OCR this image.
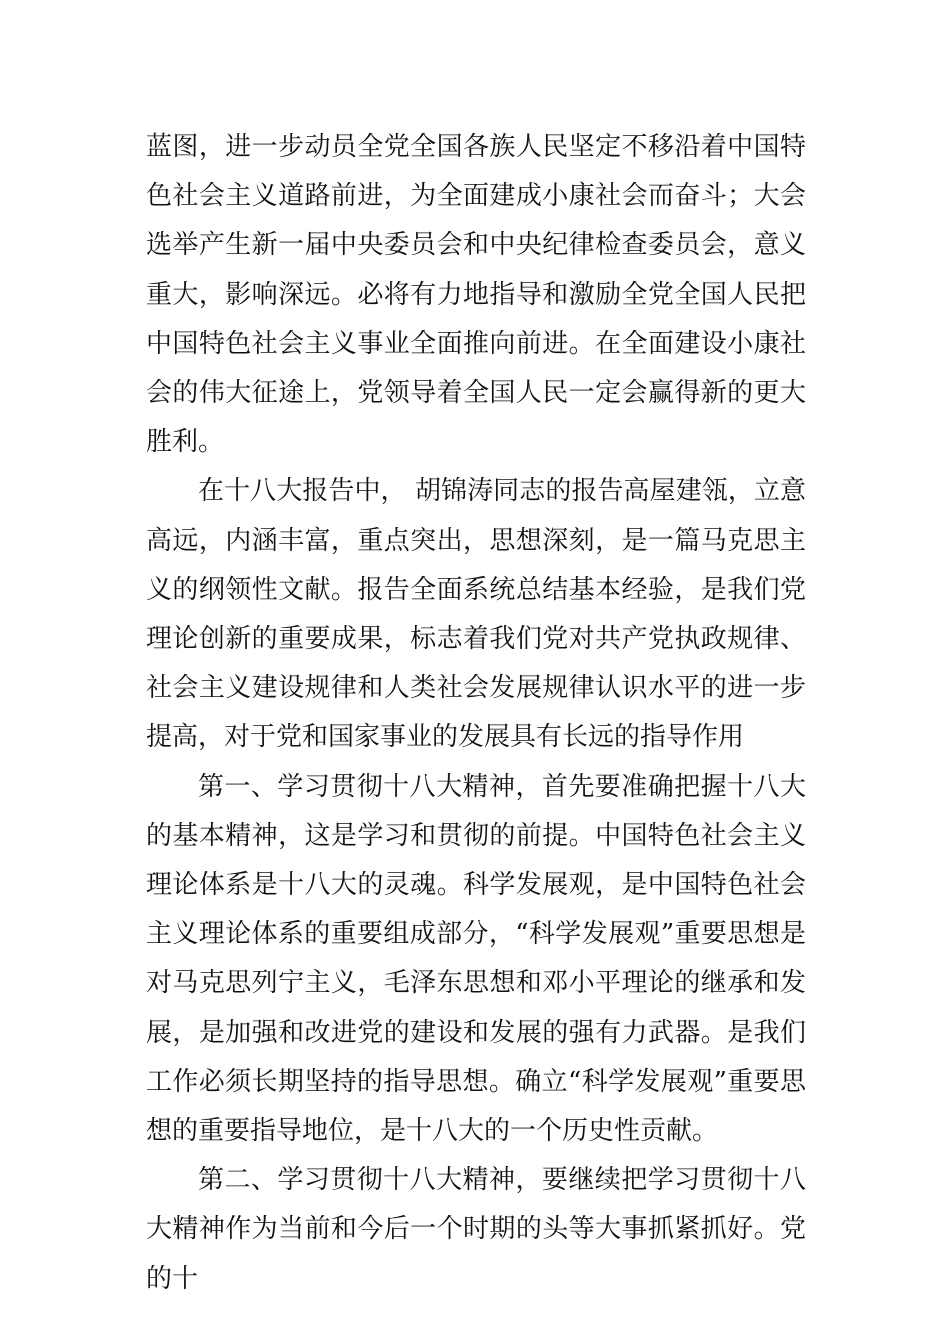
蓝图，进一步动员全党全国各族人民坚定不移沿着中国特色社会主义道路前进，为全面建成小康社会而奋斗；大会选举产生新一届中央委员会和中央纪律检查委员会，意义重大，影响深远。必将有力地指导和激励全党全国人民把中国特色社会主义事业全面推向前进。在全面建设小康社会的伟大征途上，党领导着全国人民一定会赢得新的更大胜利。

在十八大报告中， 胡锦涛同志的报告高屋建瓴，立意高远，内涵丰富，重点突出，思想深刻，是一篇马克思主义的纲领性文献。报告全面系统总结基本经验，是我们党理论创新的重要成果，标志着我们党对共产党执政规律、社会主义建设规律和人类社会发展规律认识水平的进一步提高，对于党和国家事业的发展具有长远的指导作用

第一、学习贯彻十八大精神，首先要准确把握十八大的基本精神，这是学习和贯彻的前提。中国特色社会主义理论体系是十八大的灵魂。科学发展观，是中国特色社会主义理论体系的重要组成部分，“科学发展观”重要思想是对马克思列宁主义，毛泽东思想和邓小平理论的继承和发展，是加强和改进党的建设和发展的强有力武器。是我们工作必须长期坚持的指导思想。确立“科学发展观”重要思想的重要指导地位，是十八大的一个历史性贡献。

第二、学习贯彻十八大精神，要继续把学习贯彻十八大精神作为当前和今后一个时期的头等大事抓紧抓好。党的十
